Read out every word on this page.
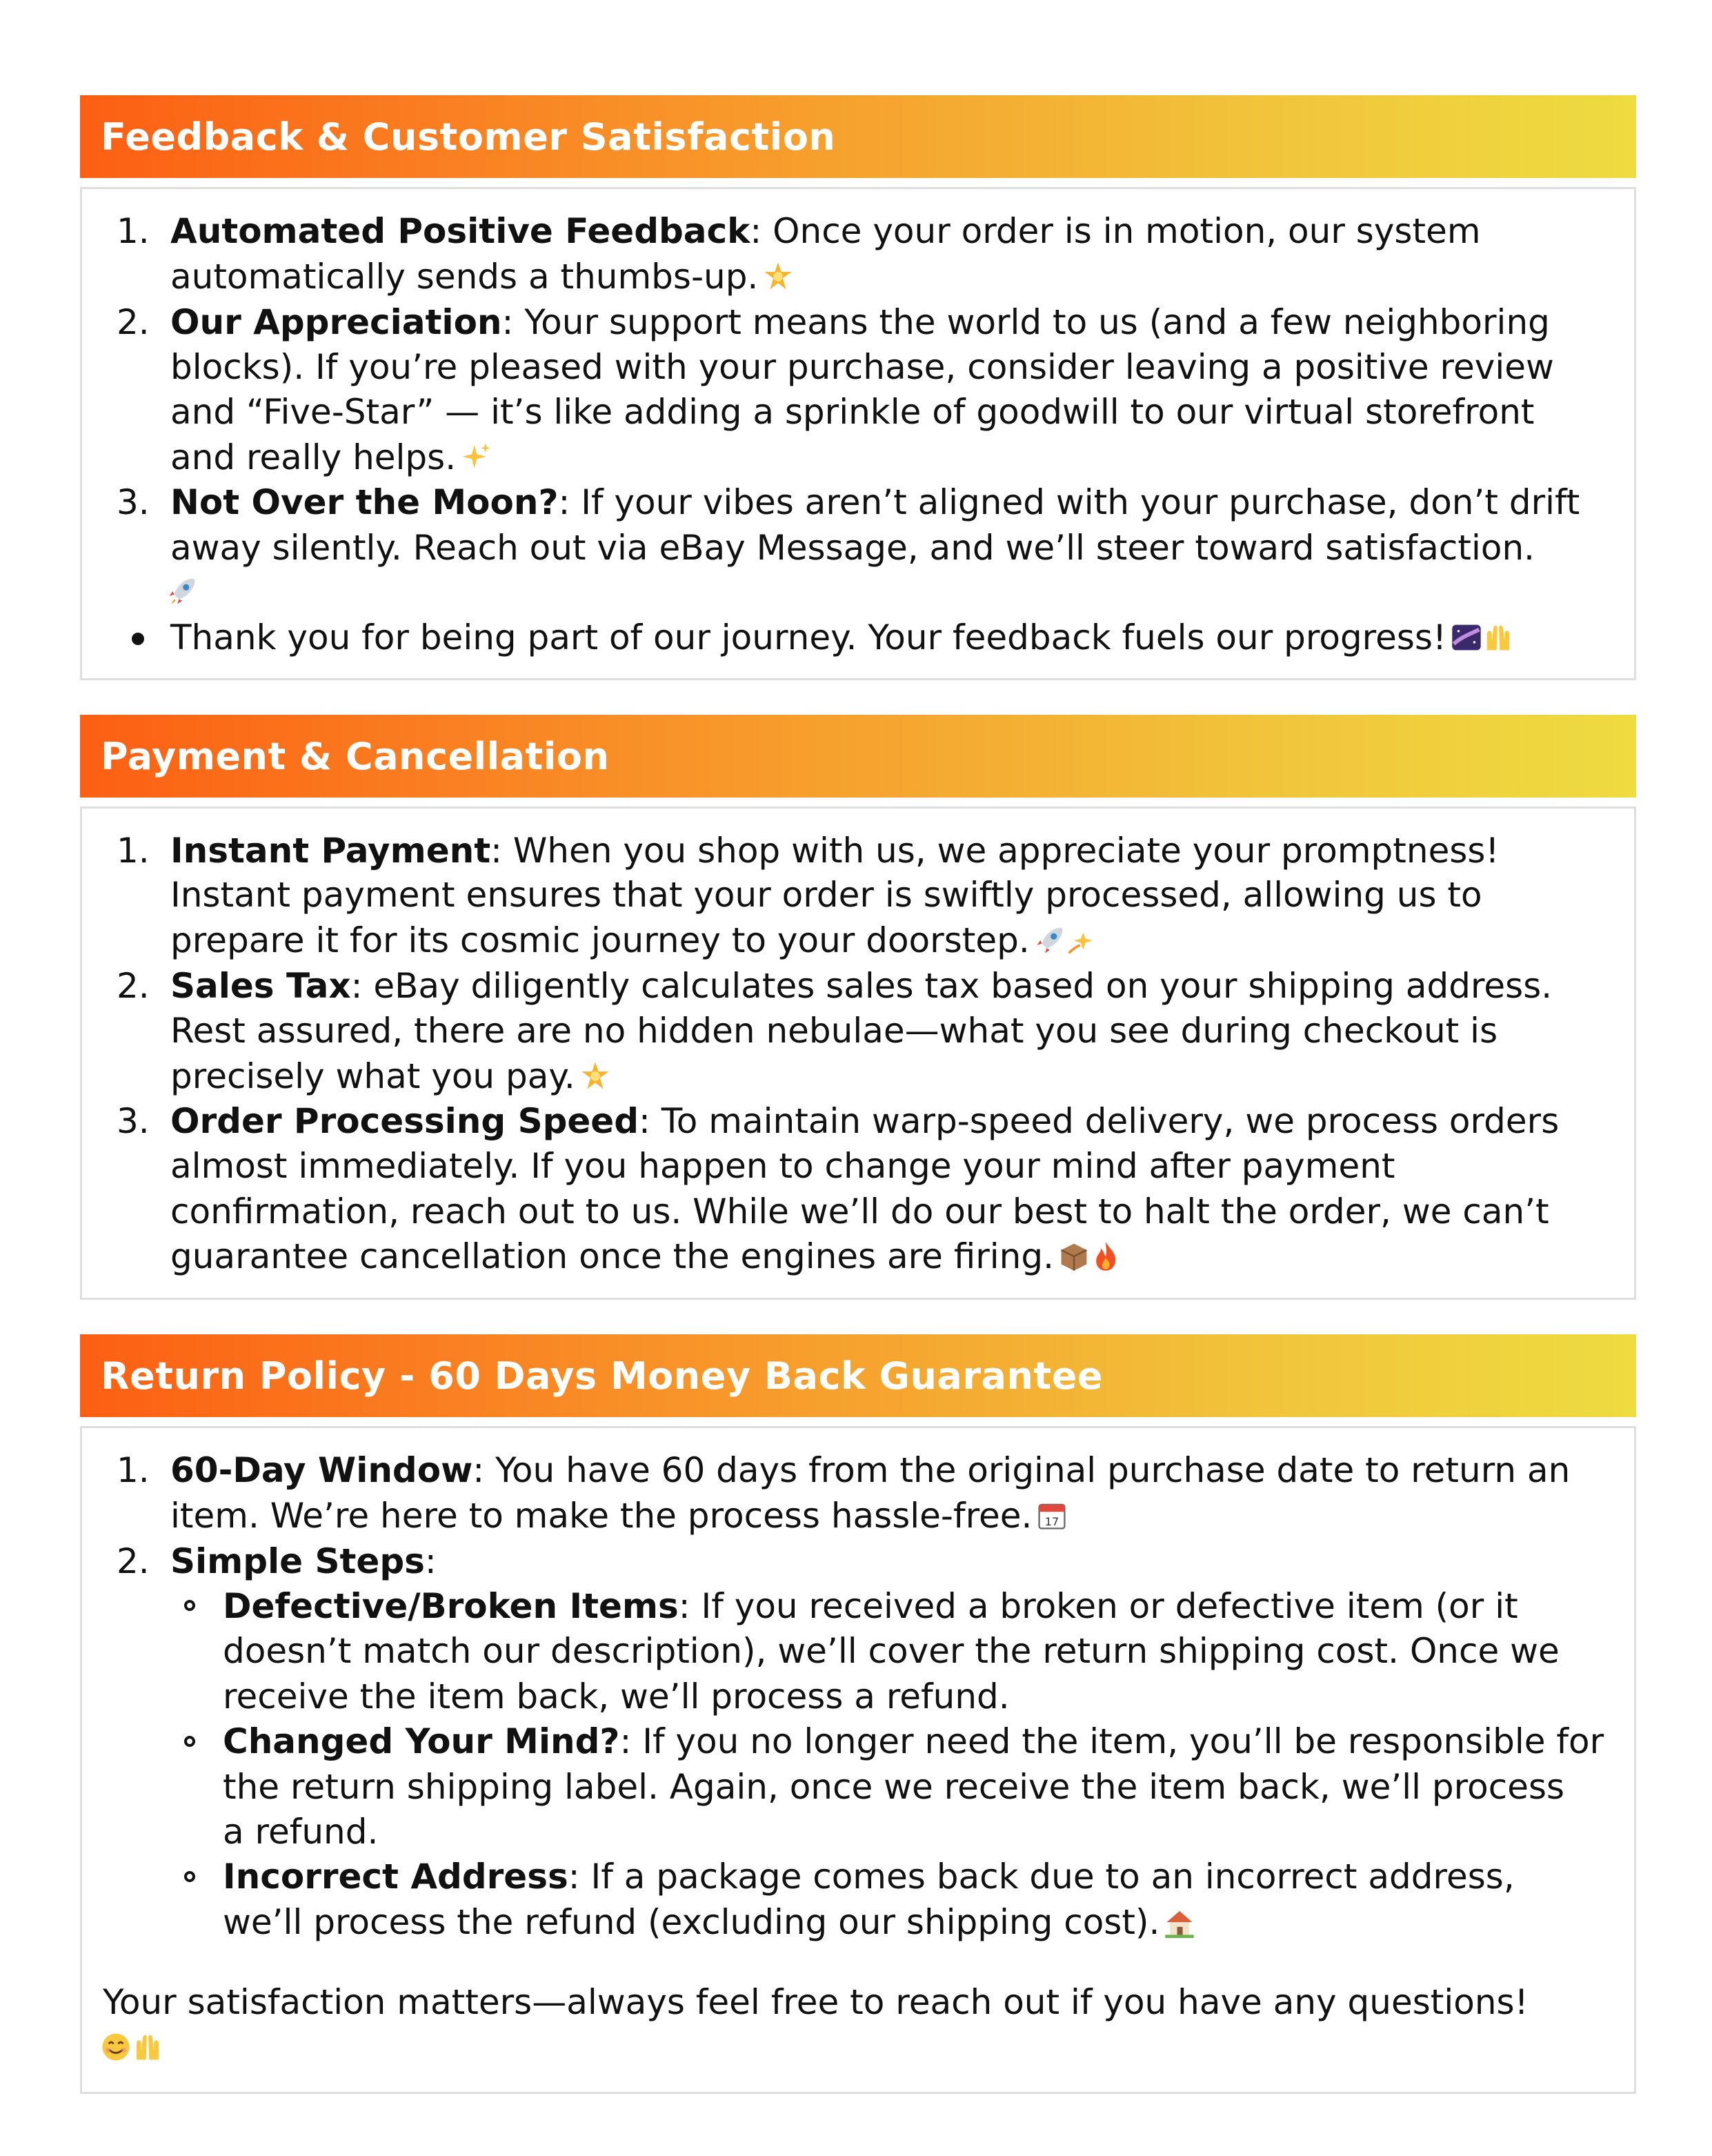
Feedback & Customer Satisfaction
1. Automated Positive Feedback: Once your order is in motion, our system
automatically sends a thumbs-up.
2. Our Appreciation: Your support means the world to us (and a few neighboring
blocks). If you’re pleased with your purchase, consider leaving a positive review
and “Five-Star” — it’s like adding a sprinkle of goodwill to our virtual storefront
and really helps.
3. Not Over the Moon?: If your vibes aren’t aligned with your purchase, don’t drift
away silently. Reach out via eBay Message, and we’ll steer toward satisfaction.
Thank you for being part of our journey. Your feedback fuels our progress!
Payment & Cancellation
1. Instant Payment: When you shop with us, we appreciate your promptness!
Instant payment ensures that your order is swiftly processed, allowing us to
prepare it for its cosmic journey to your doorstep.
2. Sales Tax: eBay diligently calculates sales tax based on your shipping address.
Rest assured, there are no hidden nebulae—what you see during checkout is
precisely what you pay.
3. Order Processing Speed: To maintain warp-speed delivery, we process orders
almost immediately. If you happen to change your mind after payment
confirmation, reach out to us. While we’ll do our best to halt the order, we can’t
guarantee cancellation once the engines are firing.
Return Policy - 60 Days Money Back Guarantee
1. 60-Day Window: You have 60 days from the original purchase date to return an
item. We’re here to make the process hassle-free. 17
2. Simple Steps:
Defective/Broken Items: If you received a broken or defective item (or it
doesn’t match our description), we’ll cover the return shipping cost. Once we
receive the item back, we’ll process a refund.
Changed Your Mind?: If you no longer need the item, you’ll be responsible for
the return shipping label. Again, once we receive the item back, we’ll process
a refund.
Incorrect Address: If a package comes back due to an incorrect address,
we’ll process the refund (excluding our shipping cost).
Your satisfaction matters—always feel free to reach out if you have any questions!
